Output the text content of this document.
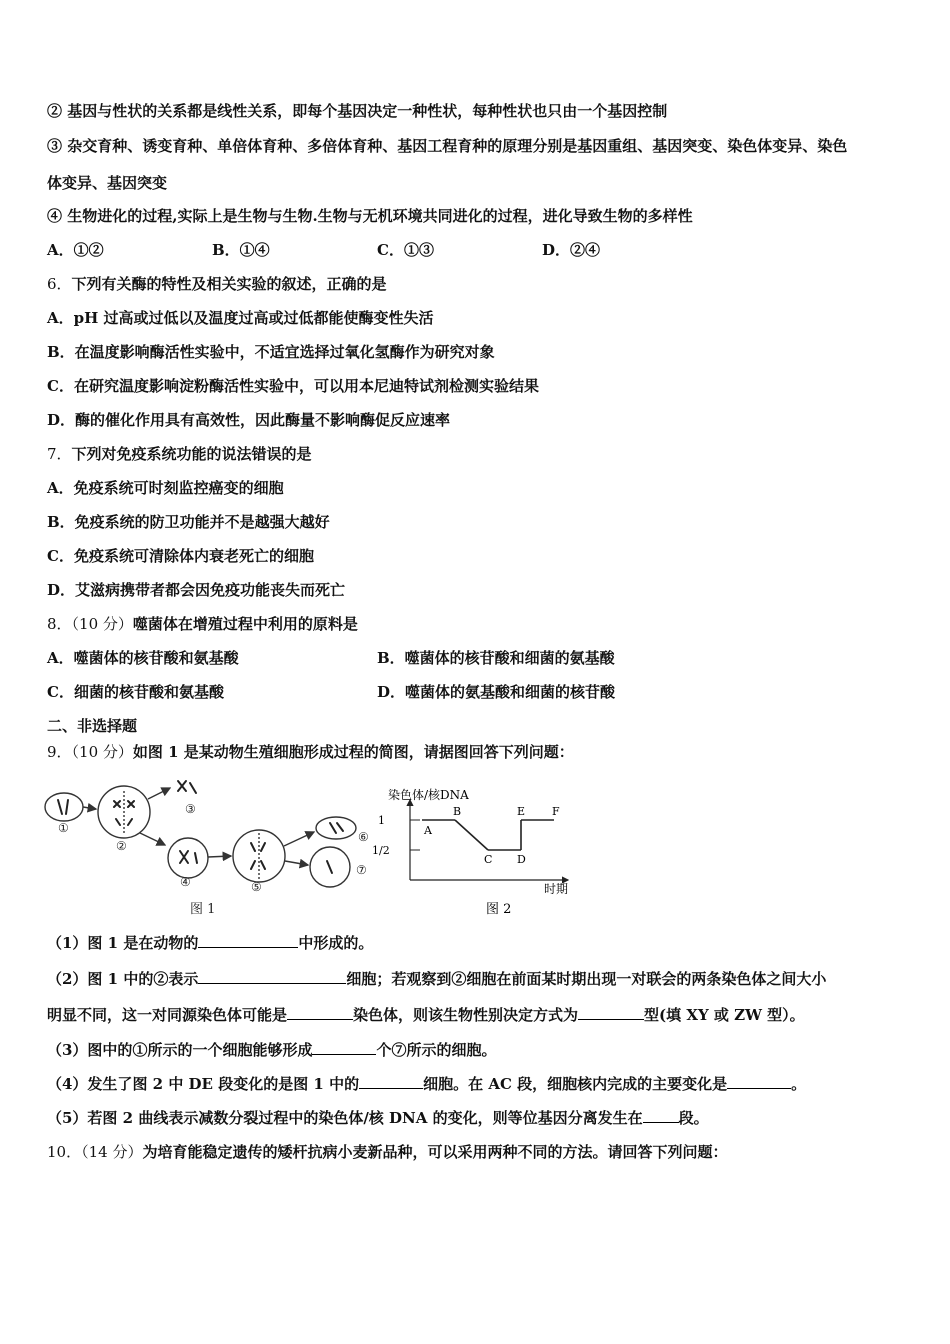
② 基因与性状的关系都是线性关系，即每个基因决定一种性状，每种性状也只由一个基因控制
③ 杂交育种、诱变育种、单倍体育种、多倍体育种、基因工程育种的原理分别是基因重组、基因突变、染色体变异、染色
体变异、基因突变
④ 生物进化的过程,实际上是生物与生物.生物与无机环境共同进化的过程，进化导致生物的多样性
A．①②	B．①④	C．①③	D．②④
6．下列有关酶的特性及相关实验的叙述，正确的是
A．pH 过高或过低以及温度过高或过低都能使酶变性失活
B．在温度影响酶活性实验中，不适宜选择过氧化氢酶作为研究对象
C．在研究温度影响淀粉酶活性实验中，可以用本尼迪特试剂检测实验结果
D．酶的催化作用具有高效性，因此酶量不影响酶促反应速率
7．下列对免疫系统功能的说法错误的是
A．免疫系统可时刻监控癌变的细胞
B．免疫系统的防卫功能并不是越强大越好
C．免疫系统可清除体内衰老死亡的细胞
D．艾滋病携带者都会因免疫功能丧失而死亡
8．（10 分）噬菌体在增殖过程中利用的原料是
A．噬菌体的核苷酸和氨基酸	B．噬菌体的核苷酸和细菌的氨基酸
C．细菌的核苷酸和氨基酸	D．噬菌体的氨基酸和细菌的核苷酸
二、非选择题
9．（10 分）如图 1 是某动物生殖细胞形成过程的简图，请据图回答下列问题：
①
②
③
④	⑤
⑥
⑦
图 1
染色体/核DNA
时期
1
1/2
A
B
C D
E F
图 2
（1）图 1 是在动物的	中形成的。
（2）图 1 中的②表示	细胞；若观察到②细胞在前面某时期出现一对联会的两条染色体之间大小
明显不同，这一对同源染色体可能是	染色体，则该生物性别决定方式为	型(填 XY 或 ZW 型）。
（3）图中的①所示的一个细胞能够形成	个⑦所示的细胞。
（4）发生了图 2 中 DE 段变化的是图 1 中的	细胞。在 AC 段，细胞核内完成的主要变化是	。
（5）若图 2 曲线表示减数分裂过程中的染色体/核 DNA 的变化，则等位基因分离发生在 段。
10．（14 分）为培育能稳定遗传的矮杆抗病小麦新品种，可以采用两种不同的方法。请回答下列问题：
